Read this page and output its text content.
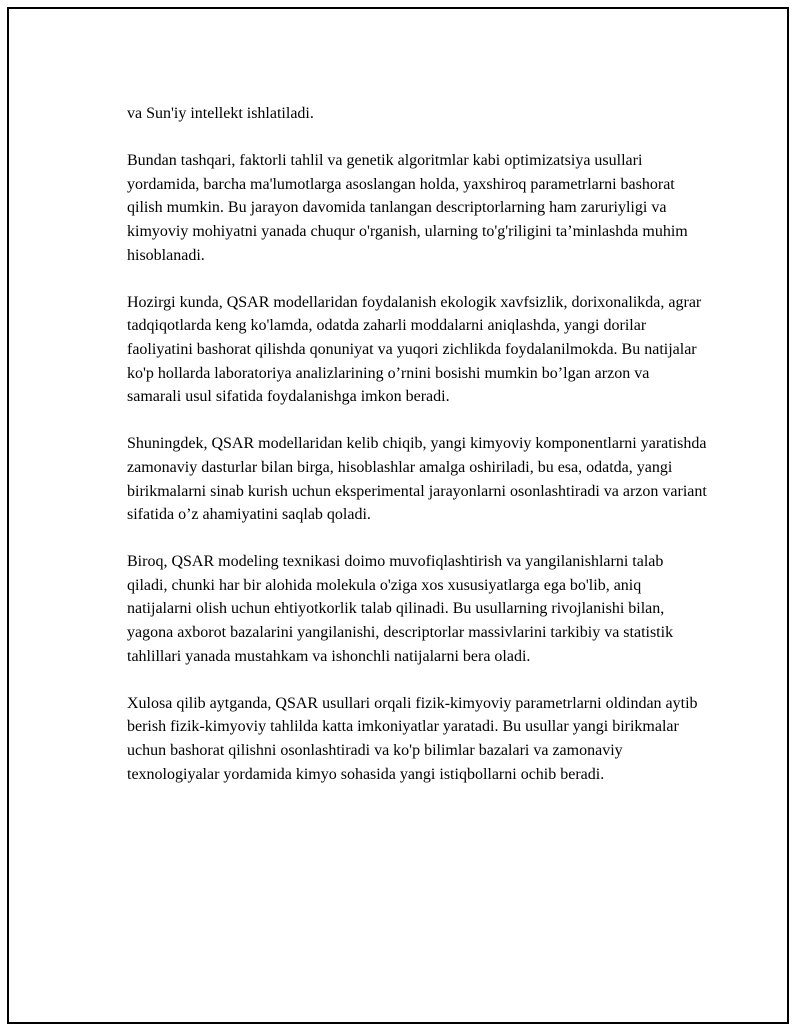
va Sun'iy intellekt ishlatiladi.

Bundan tashqari, faktorli tahlil va genetik algoritmlar kabi optimizatsiya usullari yordamida, barcha ma'lumotlarga asoslangan holda, yaxshiroq parametrlarni bashorat qilish mumkin. Bu jarayon davomida tanlangan descriptorlarning ham zaruriyligi va kimyoviy mohiyatni yanada chuqur o'rganish, ularning to'g'riligini ta’minlashda muhim hisoblanadi.

Hozirgi kunda, QSAR modellaridan foydalanish ekologik xavfsizlik, dorixonalikda, agrar tadqiqotlarda keng ko'lamda, odatda zaharli moddalarni aniqlashda, yangi dorilar faoliyatini bashorat qilishda qonuniyat va yuqori zichlikda foydalanilmokda. Bu natijalar ko'p hollarda laboratoriya analizlarining o’rnini bosishi mumkin bo’lgan arzon va samarali usul sifatida foydalanishga imkon beradi.

Shuningdek, QSAR modellaridan kelib chiqib, yangi kimyoviy komponentlarni yaratishda zamonaviy dasturlar bilan birga, hisoblashlar amalga oshiriladi, bu esa, odatda, yangi birikmalarni sinab kurish uchun eksperimental jarayonlarni osonlashtiradi va arzon variant sifatida o’z ahamiyatini saqlab qoladi.

Biroq, QSAR modeling texnikasi doimo muvofiqlashtirish va yangilanishlarni talab qiladi, chunki har bir alohida molekula o'ziga xos xususiyatlarga ega bo'lib, aniq natijalarni olish uchun ehtiyotkorlik talab qilinadi. Bu usullarning rivojlanishi bilan, yagona axborot bazalarini yangilanishi, descriptorlar massivlarini tarkibiy va statistik tahlillari yanada mustahkam va ishonchli natijalarni bera oladi.

Xulosa qilib aytganda, QSAR usullari orqali fizik-kimyoviy parametrlarni oldindan aytib berish fizik-kimyoviy tahlilda katta imkoniyatlar yaratadi. Bu usullar yangi birikmalar uchun bashorat qilishni osonlashtiradi va ko'p bilimlar bazalari va zamonaviy texnologiyalar yordamida kimyo sohasida yangi istiqbollarni ochib beradi.
